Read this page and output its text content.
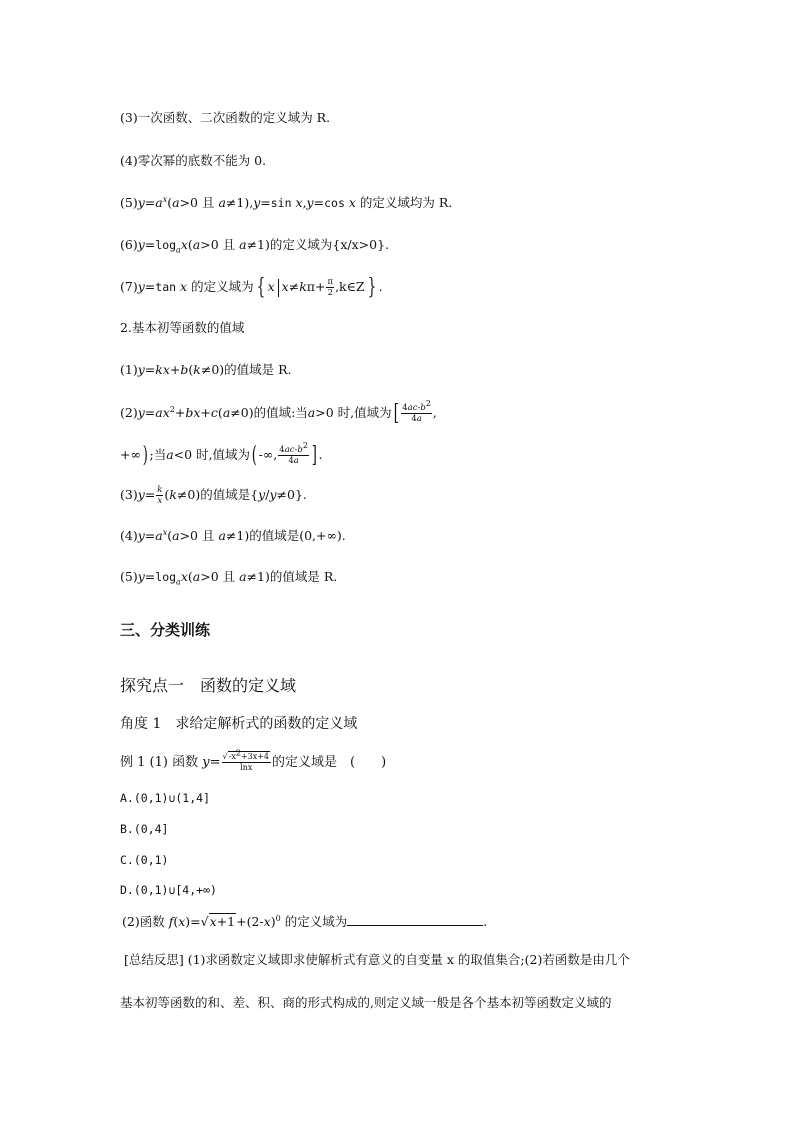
(3)一次函数、二次函数的定义域为 R.
(4)零次幂的底数不能为 0.
$(5)y=a^x(a>0$ 且 a≠1),y=sin x,y=cos x 的定义域均为 R.
$(6)y=\log_ax(a>0$ 且 a≠1)的定义域为{x/x>0}.
(7)y=tan x 的定义域为 { x $x\ne k\pi+ \frac{\pi}{2}$ ,k∈Z } .
2.基本初等函数的值域
(1)y=kx+b(k≠0)的值域是 R.
$(2)y=ax^2+bx+c(a\ne 0)$的值域:当a>0 时,值域为[ $\frac{4ac-b^2}{4a}$ ,
+∞) ;当a<0 时,值域为( -∞, $\frac{4ac-b^2}{4a}$ ] .
$(3)y= \frac{k}{x} (k\ne 0)$的值域是{y/y≠0}.
$(4)y=a^x(a>0$ 且 a≠1)的值域是(0,+∞).
$(5)y=\log_ax(a>0$ 且 a≠1)的值域是 R.
三、分类训练
探究点一　函数的定义域
角度 1　求给定解析式的函数的定义域
例 1 (1) 函数 $y= \frac{√-x^2+3x+4}{\ln x}$ 的定义域是　(　　)
A.(0,1)∪(1,4]
B.(0,4]
C.(0,1)
D.(0,1)∪[4,+∞)
(2)函数 $f(x)=√x+1+(2-x)^0$ 的定义域为	.
[总结反思] (1)求函数定义域即求使解析式有意义的自变量 x 的取值集合;(2)若函数是由几个
基本初等函数的和、差、积、商的形式构成的,则定义域一般是各个基本初等函数定义域的
